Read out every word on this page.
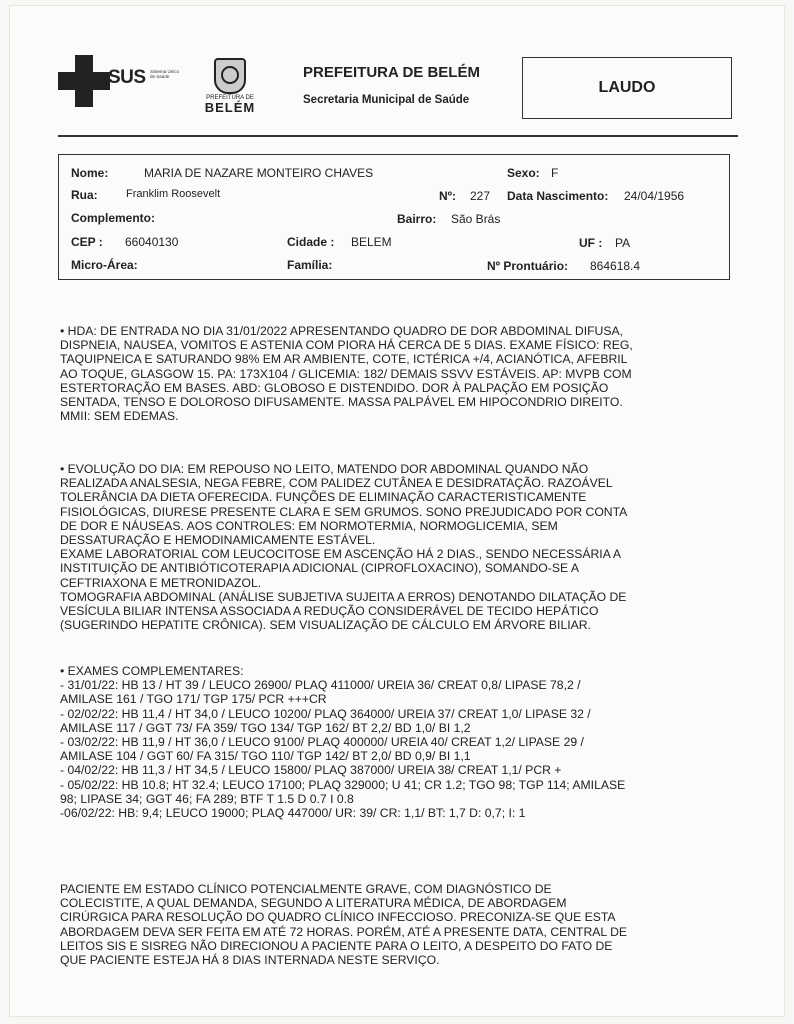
SUS Sistema Único de Saúde
PREFEITURA DE
BELÉM
PREFEITURA DE BELÉM
Secretaria Municipal de Saúde
LAUDO
Nome:	MARIA DE NAZARE MONTEIRO CHAVES	Sexo: F
Rua:	Franklim Roosevelt	Nº: 227 Data Nascimento: 24/04/1956
Complemento:	Bairro: São Brás
CEP : 66040130	Cidade : BELEM	UF : PA
Micro-Área:	Família:	Nº Prontuário: 864618.4

• HDA: DE ENTRADA NO DIA 31/01/2022 APRESENTANDO QUADRO DE DOR ABDOMINAL DIFUSA,

DISPNEIA, NAUSEA, VOMITOS E ASTENIA COM PIORA HÁ CERCA DE 5 DIAS. EXAME FÍSICO: REG,

TAQUIPNEICA E SATURANDO 98% EM AR AMBIENTE, COTE, ICTÉRICA +/4, ACIANÓTICA, AFEBRIL

AO TOQUE, GLASGOW 15. PA: 173X104 / GLICEMIA: 182/ DEMAIS SSVV ESTÁVEIS. AP: MVPB COM

ESTERTORAÇÃO EM BASES. ABD: GLOBOSO E DISTENDIDO. DOR À PALPAÇÃO EM POSIÇÃO

SENTADA, TENSO E DOLOROSO DIFUSAMENTE. MASSA PALPÁVEL EM HIPOCONDRIO DIREITO.

MMII: SEM EDEMAS.

• EVOLUÇÃO DO DIA: EM REPOUSO NO LEITO, MATENDO DOR ABDOMINAL QUANDO NÃO

REALIZADA ANALSESIA, NEGA FEBRE, COM PALIDEZ CUTÂNEA E DESIDRATAÇÃO. RAZOÁVEL

TOLERÂNCIA DA DIETA OFERECIDA. FUNÇÕES DE ELIMINAÇÃO CARACTERISTICAMENTE

FISIOLÓGICAS, DIURESE PRESENTE CLARA E SEM GRUMOS. SONO PREJUDICADO POR CONTA

DE DOR E NÁUSEAS. AOS CONTROLES: EM NORMOTERMIA, NORMOGLICEMIA, SEM

DESSATURAÇÃO E HEMODINAMICAMENTE ESTÁVEL.

EXAME LABORATORIAL COM LEUCOCITOSE EM ASCENÇÃO HÁ 2 DIAS., SENDO NECESSÁRIA A

INSTITUIÇÃO DE ANTIBIÓTICOTERAPIA ADICIONAL (CIPROFLOXACINO), SOMANDO-SE A

CEFTRIAXONA E METRONIDAZOL.

TOMOGRAFIA ABDOMINAL (ANÁLISE SUBJETIVA SUJEITA A ERROS) DENOTANDO DILATAÇÃO DE

VESÍCULA BILIAR INTENSA ASSOCIADA A REDUÇÃO CONSIDERÁVEL DE TECIDO HEPÁTICO

(SUGERINDO HEPATITE CRÔNICA). SEM VISUALIZAÇÃO DE CÁLCULO EM ÁRVORE BILIAR.

• EXAMES COMPLEMENTARES:

- 31/01/22: HB 13 / HT 39 / LEUCO 26900/ PLAQ 411000/ UREIA 36/ CREAT 0,8/ LIPASE 78,2 /

AMILASE 161 / TGO 171/ TGP 175/ PCR +++CR

- 02/02/22: HB 11,4 / HT 34,0 / LEUCO 10200/ PLAQ 364000/ UREIA 37/ CREAT 1,0/ LIPASE 32 /

AMILASE 117 / GGT 73/ FA 359/ TGO 134/ TGP 162/ BT 2,2/ BD 1,0/ BI 1,2

- 03/02/22: HB 11,9 / HT 36,0 / LEUCO 9100/ PLAQ 400000/ UREIA 40/ CREAT 1,2/ LIPASE 29 /

AMILASE 104 / GGT 60/ FA 315/ TGO 110/ TGP 142/ BT 2,0/ BD 0,9/ BI 1,1

- 04/02/22: HB 11,3 / HT 34,5 / LEUCO 15800/ PLAQ 387000/ UREIA 38/ CREAT 1,1/ PCR +

- 05/02/22: HB 10.8; HT 32.4; LEUCO 17100; PLAQ 329000; U 41; CR 1.2; TGO 98; TGP 114; AMILASE

98; LIPASE 34; GGT 46; FA 289; BTF T 1.5 D 0.7 I 0.8

-06/02/22: HB: 9,4; LEUCO 19000; PLAQ 447000/ UR: 39/ CR: 1,1/ BT: 1,7 D: 0,7; I: 1

PACIENTE EM ESTADO CLÍNICO POTENCIALMENTE GRAVE, COM DIAGNÓSTICO DE

COLECISTITE, A QUAL DEMANDA, SEGUNDO A LITERATURA MÉDICA, DE ABORDAGEM

CIRÚRGICA PARA RESOLUÇÃO DO QUADRO CLÍNICO INFECCIOSO. PRECONIZA-SE QUE ESTA

ABORDAGEM DEVA SER FEITA EM ATÉ 72 HORAS. PORÉM, ATÉ A PRESENTE DATA, CENTRAL DE

LEITOS SIS E SISREG NÃO DIRECIONOU A PACIENTE PARA O LEITO, A DESPEITO DO FATO DE

QUE PACIENTE ESTEJA HÁ 8 DIAS INTERNADA NESTE SERVIÇO.
